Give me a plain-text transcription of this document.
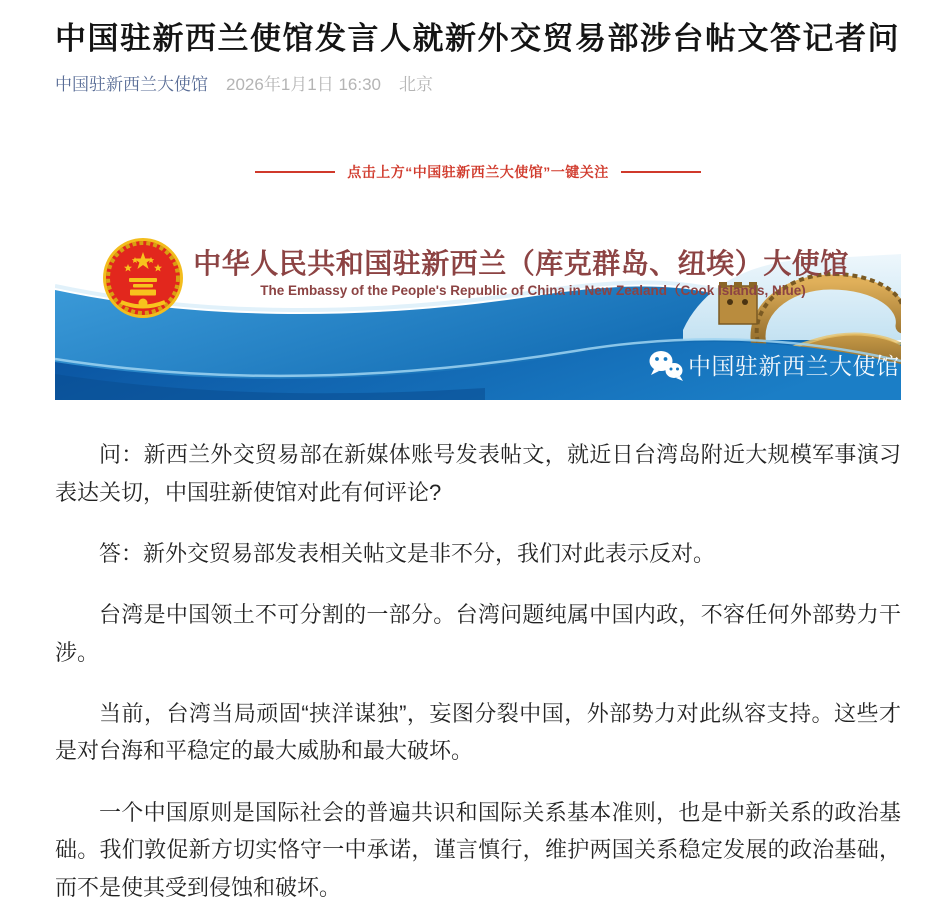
中国驻新西兰使馆发言人就新外交贸易部涉台帖文答记者问
中国驻新西兰大使馆 2026年1月1日 16:30 北京
点击上方“中国驻新西兰大使馆”一键关注
中华人民共和国驻新西兰（库克群岛、纽埃）大使馆
The Embassy of the People's Republic of China in New Zealand（Cook Islands, Niue)
中国驻新西兰大使馆

问：新西兰外交贸易部在新媒体账号发表帖文，就近日台湾岛附近大规模军事演习表达关切，中国驻新使馆对此有何评论?

答：新外交贸易部发表相关帖文是非不分，我们对此表示反对。

台湾是中国领土不可分割的一部分。台湾问题纯属中国内政，不容任何外部势力干涉。

当前，台湾当局顽固“挟洋谋独”，妄图分裂中国，外部势力对此纵容支持。这些才是对台海和平稳定的最大威胁和最大破坏。

一个中国原则是国际社会的普遍共识和国际关系基本准则，也是中新关系的政治基础。我们敦促新方切实恪守一中承诺，谨言慎行，维护两国关系稳定发展的政治基础，而不是使其受到侵蚀和破坏。
